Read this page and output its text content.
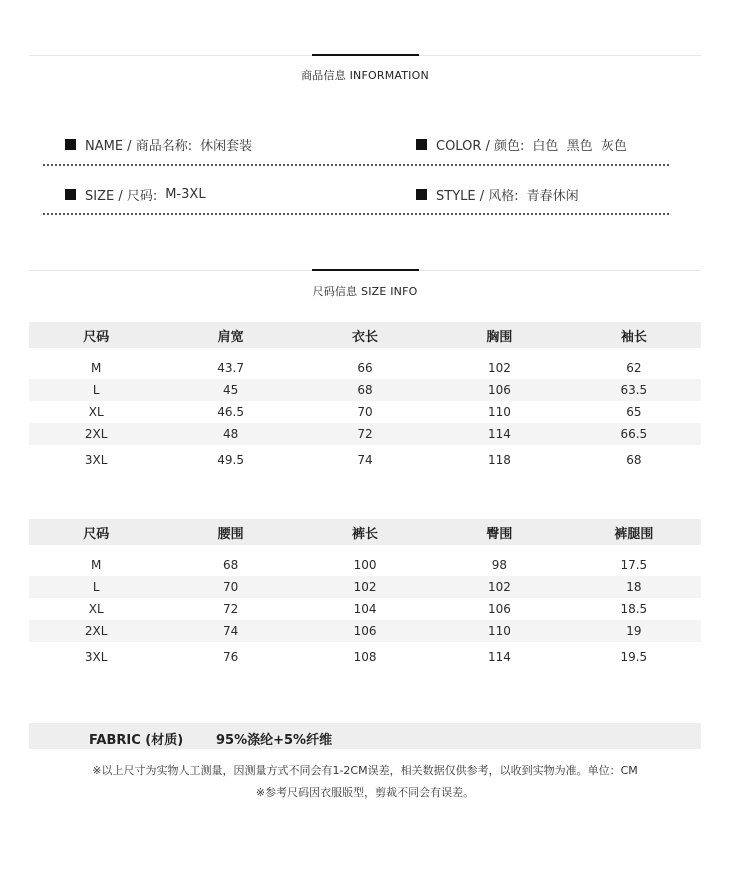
商品信息 INFORMATION
NAME / 商品名称: 休闲套装	COLOR / 颜色: 白色  黑色  灰色
SIZE / 尺码: M-3XL	STYLE / 风格: 青春休闲
尺码信息 SIZE INFO
尺码	肩宽	衣长	胸围	袖长
M	43.7	66	102	62
L	45	68	106	63.5
XL	46.5	70	110	65
2XL	48	72	114	66.5
3XL	49.5	74	118	68
尺码	腰围	裤长	臀围	裤腿围
M	68	100	98	17.5
L	70	102	102	18
XL	72	104	106	18.5
2XL	74	106	110	19
3XL	76	108	114	19.5
FABRIC (材质)	95%涤纶+5%纤维
※以上尺寸为实物人工测量，因测量方式不同会有1-2CM误差，相关数据仅供参考，以收到实物为准。单位：CM
※参考尺码因衣服版型，剪裁不同会有误差。
